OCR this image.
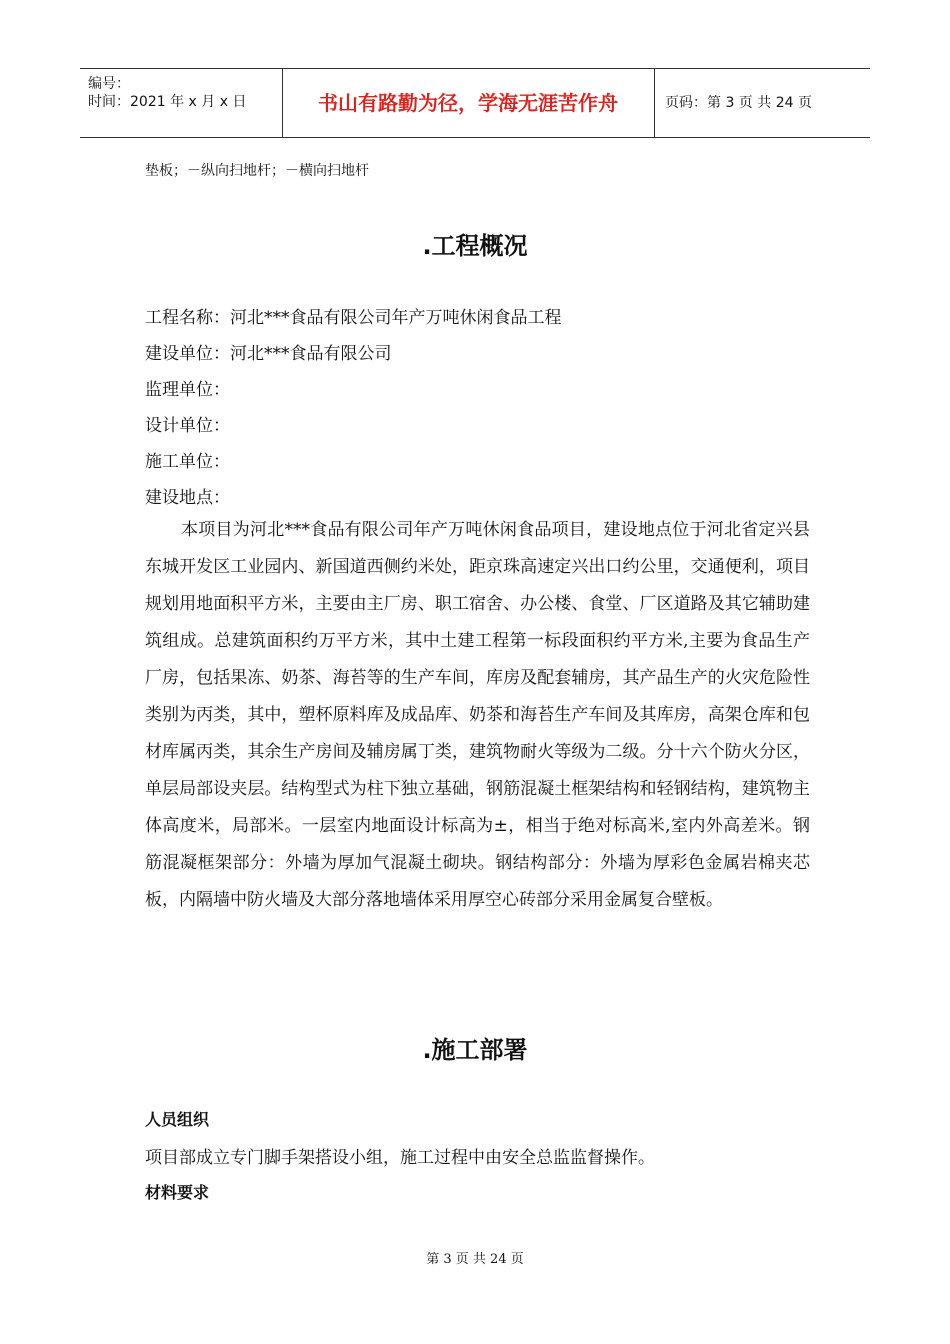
编号：
时间：2021 年 x 月 x 日	书山有路勤为径，学海无涯苦作舟	页码：第 3 页 共 24 页
垫板；－纵向扫地杆；－横向扫地杆
.工程概况
工程名称：河北***食品有限公司年产万吨休闲食品工程
建设单位：河北***食品有限公司
监理单位：
设计单位：
施工单位：
建设地点：
本项目为河北***食品有限公司年产万吨休闲食品项目，建设地点位于河北省定兴县东城开发区工业园内、新国道西侧约米处，距京珠高速定兴出口约公里，交通便利，项目规划用地面积平方米，主要由主厂房、职工宿舍、办公楼、食堂、厂区道路及其它辅助建筑组成。总建筑面积约万平方米，其中土建工程第一标段面积约平方米,主要为食品生产厂房，包括果冻、奶茶、海苔等的生产车间，库房及配套辅房，其产品生产的火灾危险性类别为丙类，其中，塑杯原料库及成品库、奶茶和海苔生产车间及其库房，高架仓库和包材库属丙类，其余生产房间及辅房属丁类，建筑物耐火等级为二级。分十六个防火分区，单层局部设夹层。结构型式为柱下独立基础，钢筋混凝土框架结构和轻钢结构，建筑物主体高度米，局部米。一层室内地面设计标高为±，相当于绝对标高米,室内外高差米。钢筋混凝框架部分：外墙为厚加气混凝土砌块。钢结构部分：外墙为厚彩色金属岩棉夹芯板，内隔墙中防火墙及大部分落地墙体采用厚空心砖部分采用金属复合壁板。
.施工部署
人员组织
项目部成立专门脚手架搭设小组，施工过程中由安全总监监督操作。
材料要求
第 3 页 共 24 页
